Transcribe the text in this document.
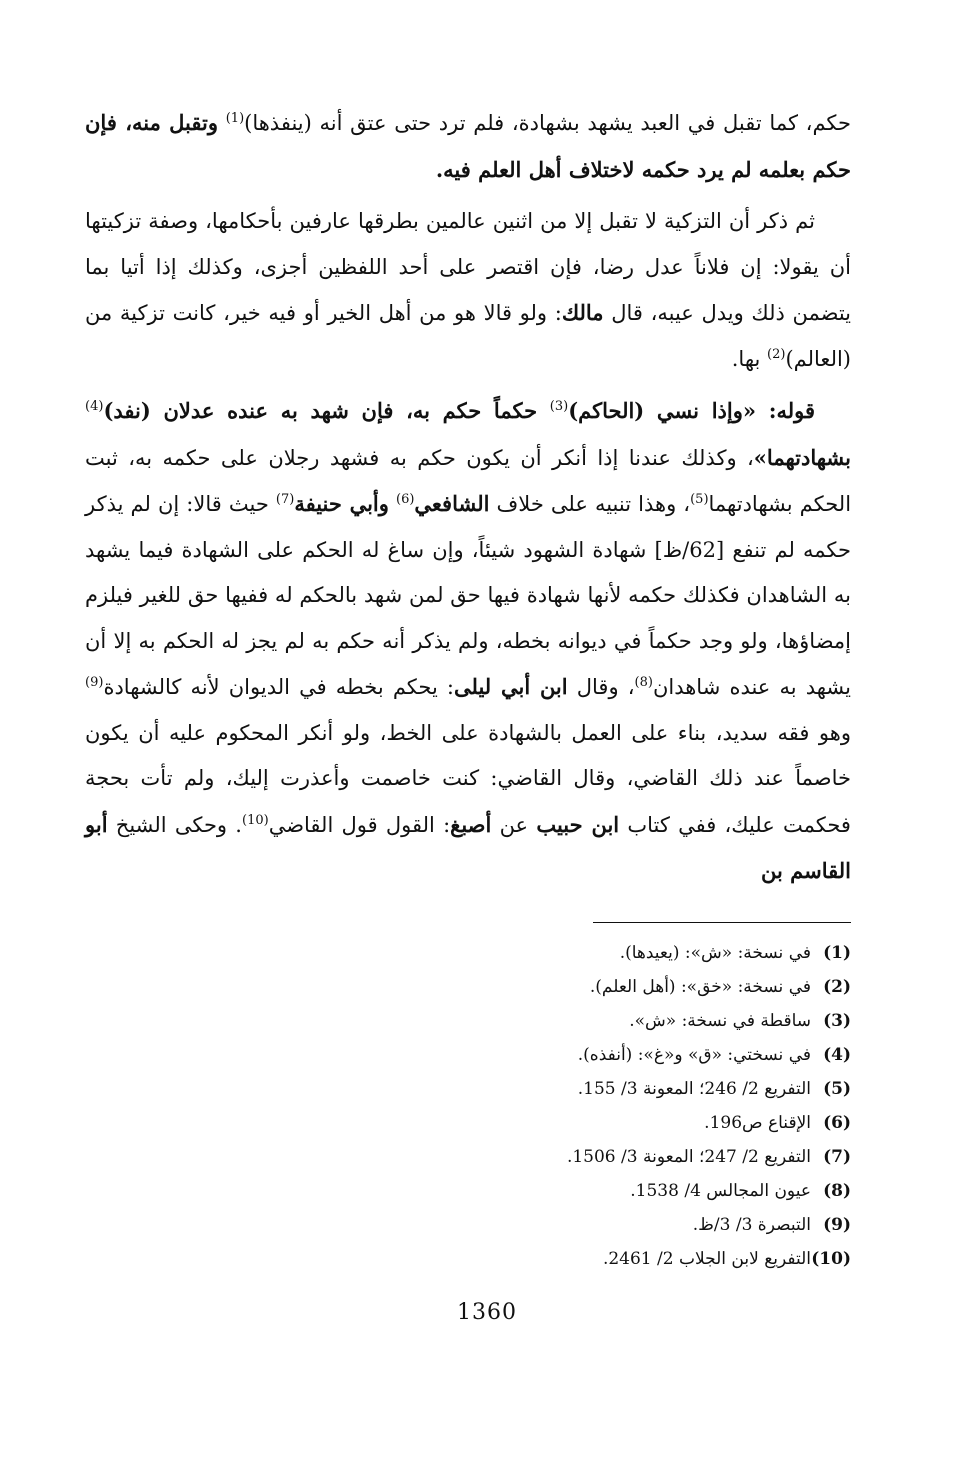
حكم، كما تقبل في العبد يشهد بشهادة، فلم ترد حتى عتق أنه (ينفذها)$^{(1)}$ وتقبل منه، فإن حكم بعلمه لم يرد حكمه لاختلاف أهل العلم فيه.

ثم ذكر أن التزكية لا تقبل إلا من اثنين عالمين بطرقها عارفين بأحكامها، وصفة تزكيتها أن يقولا: إن فلاناً عدل رضا، فإن اقتصر على أحد اللفظين أجزى، وكذلك إذا أتيا بما يتضمن ذلك ويدل عيبه، قال مالك: ولو قالا هو من أهل الخير أو فيه خير، كانت تزكية من (العالم)$^{(2)}$ بها.

قوله: «وإذا نسي (الحاكم)$^{(3)}$ حكماً حكم به، فإن شهد به عنده عدلان (نفد)$^{(4)}$ بشهادتهما»، وكذلك عندنا إذا أنكر أن يكون حكم به فشهد رجلان على حكمه به، ثبت الحكم بشهادتهما$^{(5)}$، وهذا تنبيه على خلاف الشافعي$^{(6)}$ وأبي حنيفة$^{(7)}$ حيث قالا: إن لم يذكر حكمه لم تنفع [62/ظ] شهادة الشهود شيئاً، وإن ساغ له الحكم على الشهادة فيما يشهد به الشاهدان فكذلك حكمه لأنها شهادة فيها حق لمن شهد بالحكم له ففيها حق للغير فيلزم إمضاؤها، ولو وجد حكماً في ديوانه بخطه، ولم يذكر أنه حكم به لم يجز له الحكم به إلا أن يشهد به عنده شاهدان$^{(8)}$، وقال ابن أبي ليلى: يحكم بخطه في الديوان لأنه كالشهادة$^{(9)}$ وهو فقه سديد، بناء على العمل بالشهادة على الخط، ولو أنكر المحكوم عليه أن يكون خاصماً عند ذلك القاضي، وقال القاضي: كنت خاصمت وأعذرت إليك، ولم تأت بحجة فحكمت عليك، ففي كتاب ابن حبيب عن أصبغ: القول قول القاضي$^{(10)}$. وحكى الشيخ أبو القاسم بن

(1)في نسخة: «ش»: (يعيدها).
(2)في نسخة: «خق»: (أهل العلم).
(3)ساقطة في نسخة: «ش».
(4)في نسختي: «ق» و«غ»: (أنفذه).
(5)التفريع 2/ 246؛ المعونة 3/ 155.
(6)الإقناع ص196.
(7)التفريع 2/ 247؛ المعونة 3/ 1506.
(8)عيون المجالس 4/ 1538.
(9)التبصرة 3/ 3/ظ.
(10)التفريع لابن الجلاب 2/ 2461.
1360
